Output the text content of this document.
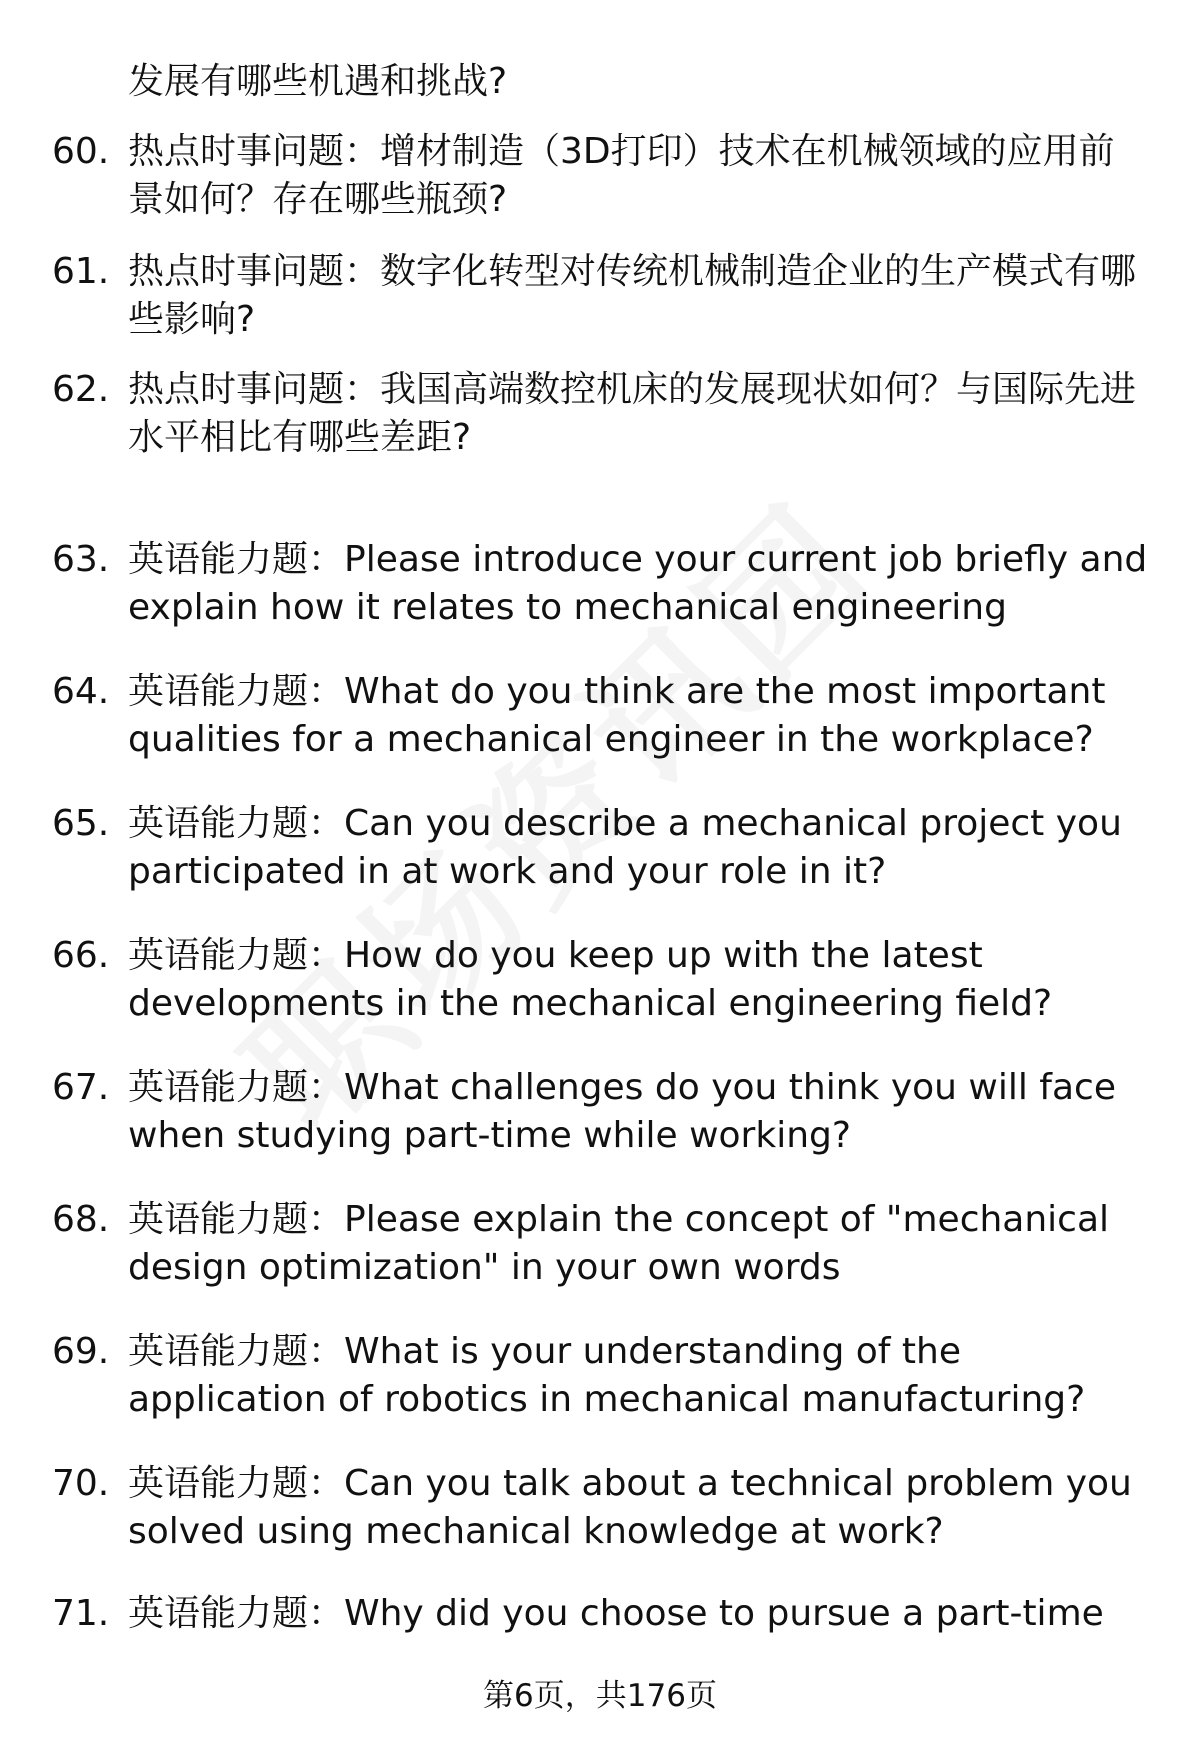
发展有哪些机遇和挑战?
60. 热点时事问题：增材制造（3D打印）技术在机械领域的应用前景如何？存在哪些瓶颈?
61. 热点时事问题：数字化转型对传统机械制造企业的生产模式有哪些影响?
62. 热点时事问题：我国高端数控机床的发展现状如何？与国际先进水平相比有哪些差距?
63. 英语能力题：Please introduce your current job briefly and explain how it relates to mechanical engineering
64. 英语能力题：What do you think are the most important qualities for a mechanical engineer in the workplace?
65. 英语能力题：Can you describe a mechanical project you participated in at work and your role in it?
66. 英语能力题：How do you keep up with the latest developments in the mechanical engineering field?
67. 英语能力题：What challenges do you think you will face when studying part-time while working?
68. 英语能力题：Please explain the concept of "mechanical design optimization" in your own words
69. 英语能力题：What is your understanding of the application of robotics in mechanical manufacturing?
70. 英语能力题：Can you talk about a technical problem you solved using mechanical knowledge at work?
71. 英语能力题：Why did you choose to pursue a part-time
第6页，共176页
